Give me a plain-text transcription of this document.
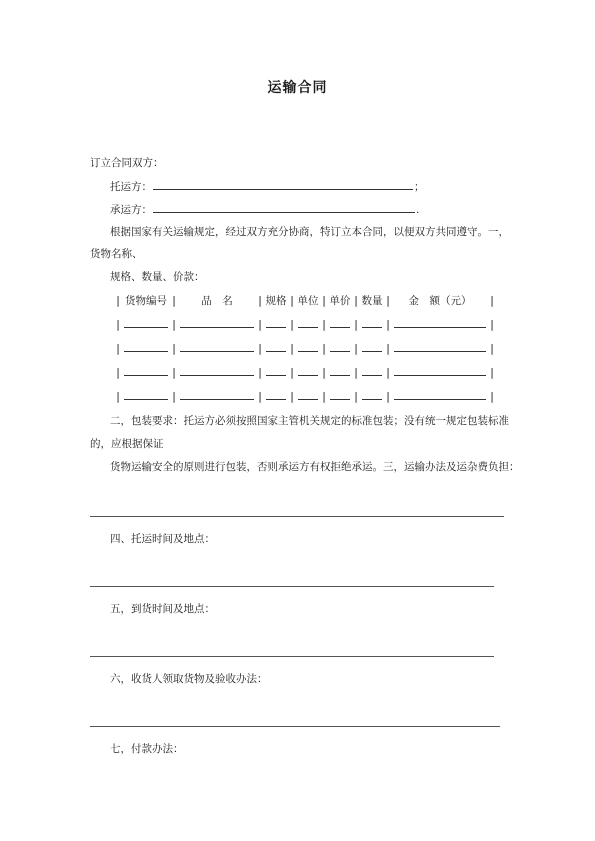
运输合同
订立合同双方：
托运方：	；
承运方：	.
根据国家有关运输规定，经过双方充分协商，特订立本合同，以便双方共同遵守。一，
货物名称、
规格、数量、价款：
| 货物编号 | 品　名 | 规格 | 单位 | 单价 | 数量 | 金　额（元） |
|	|	| | | | |	|
|	|	| | | | |	|
|	|	| | | | |	|
|	|	| | | | |	|
二，包装要求：托运方必须按照国家主管机关规定的标准包装；没有统一规定包装标准
的，应根据保证
货物运输安全的原则进行包装，否则承运方有权拒绝承运。三，运输办法及运杂费负担：
四、托运时间及地点：
五，到货时间及地点：
六，收货人领取货物及验收办法：
七，付款办法：
